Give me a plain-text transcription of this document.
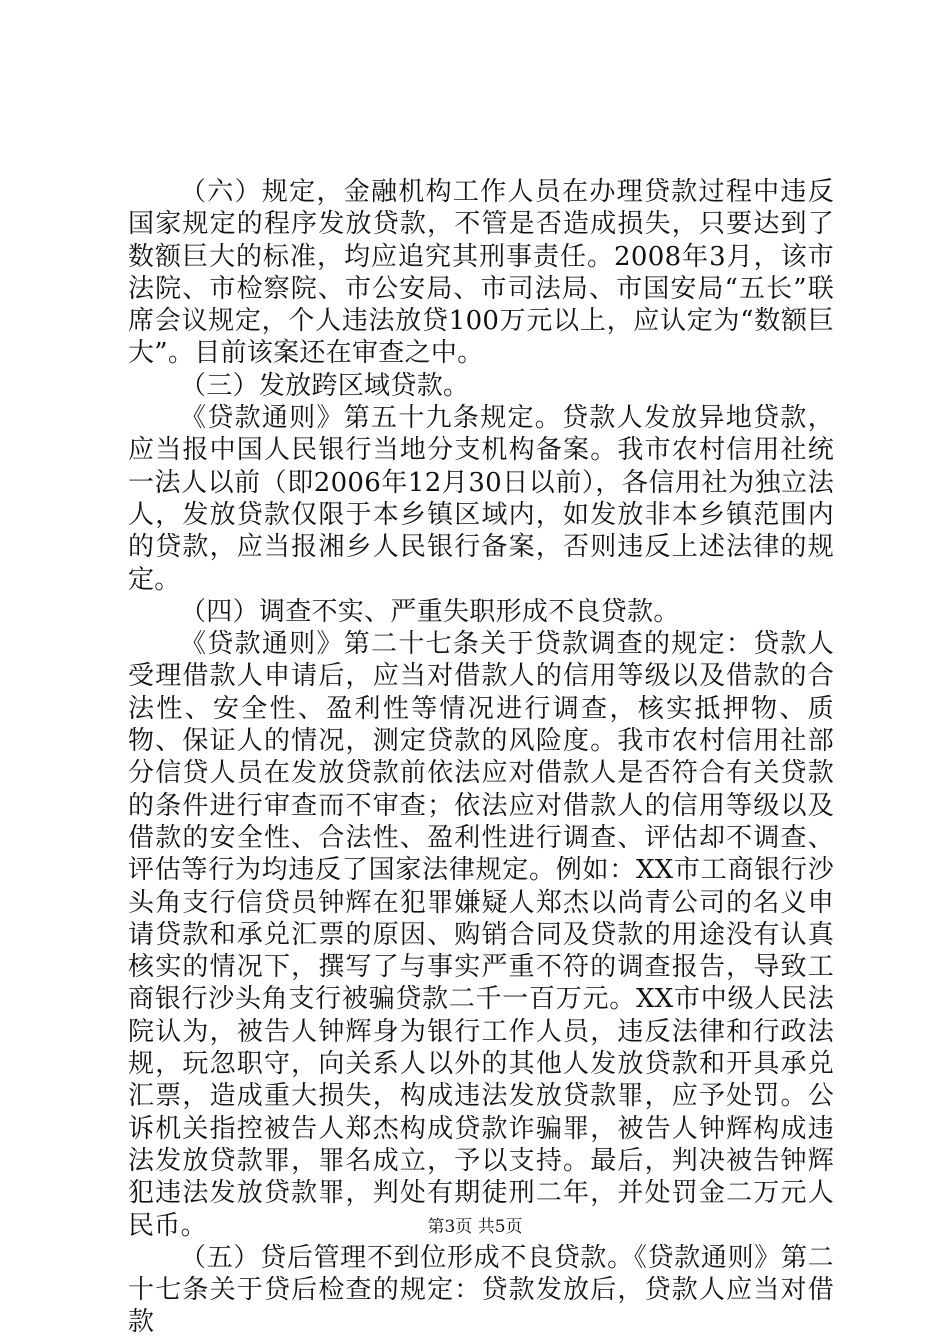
（六）规定，金融机构工作人员在办理贷款过程中违反国家规定的程序发放贷款，不管是否造成损失，只要达到了数额巨大的标准，均应追究其刑事责任。2008年3月，该市法院、市检察院、市公安局、市司法局、市国安局“五长”联席会议规定，个人违法放贷100万元以上，应认定为“数额巨大”。目前该案还在审查之中。

（三）发放跨区域贷款。

《贷款通则》第五十九条规定。贷款人发放异地贷款，应当报中国人民银行当地分支机构备案。我市农村信用社统一法人以前（即2006年12月30日以前），各信用社为独立法人，发放贷款仅限于本乡镇区域内，如发放非本乡镇范围内的贷款，应当报湘乡人民银行备案，否则违反上述法律的规定。

（四）调查不实、严重失职形成不良贷款。

《贷款通则》第二十七条关于贷款调查的规定：贷款人受理借款人申请后，应当对借款人的信用等级以及借款的合法性、安全性、盈利性等情况进行调查，核实抵押物、质物、保证人的情况，测定贷款的风险度。我市农村信用社部分信贷人员在发放贷款前依法应对借款人是否符合有关贷款的条件进行审查而不审查；依法应对借款人的信用等级以及借款的安全性、合法性、盈利性进行调查、评估却不调查、评估等行为均违反了国家法律规定。例如：XX市工商银行沙头角支行信贷员钟辉在犯罪嫌疑人郑杰以尚青公司的名义申请贷款和承兑汇票的原因、购销合同及贷款的用途没有认真核实的情况下，撰写了与事实严重不符的调查报告，导致工商银行沙头角支行被骗贷款二千一百万元。XX市中级人民法院认为，被告人钟辉身为银行工作人员，违反法律和行政法规，玩忽职守，向关系人以外的其他人发放贷款和开具承兑汇票，造成重大损失，构成违法发放贷款罪，应予处罚。公诉机关指控被告人郑杰构成贷款诈骗罪，被告人钟辉构成违法发放贷款罪，罪名成立，予以支持。最后，判决被告钟辉犯违法发放贷款罪，判处有期徒刑二年，并处罚金二万元人民币。

（五）贷后管理不到位形成不良贷款。《贷款通则》第二十七条关于贷后检查的规定：贷款发放后，贷款人应当对借款

第3页 共5页
